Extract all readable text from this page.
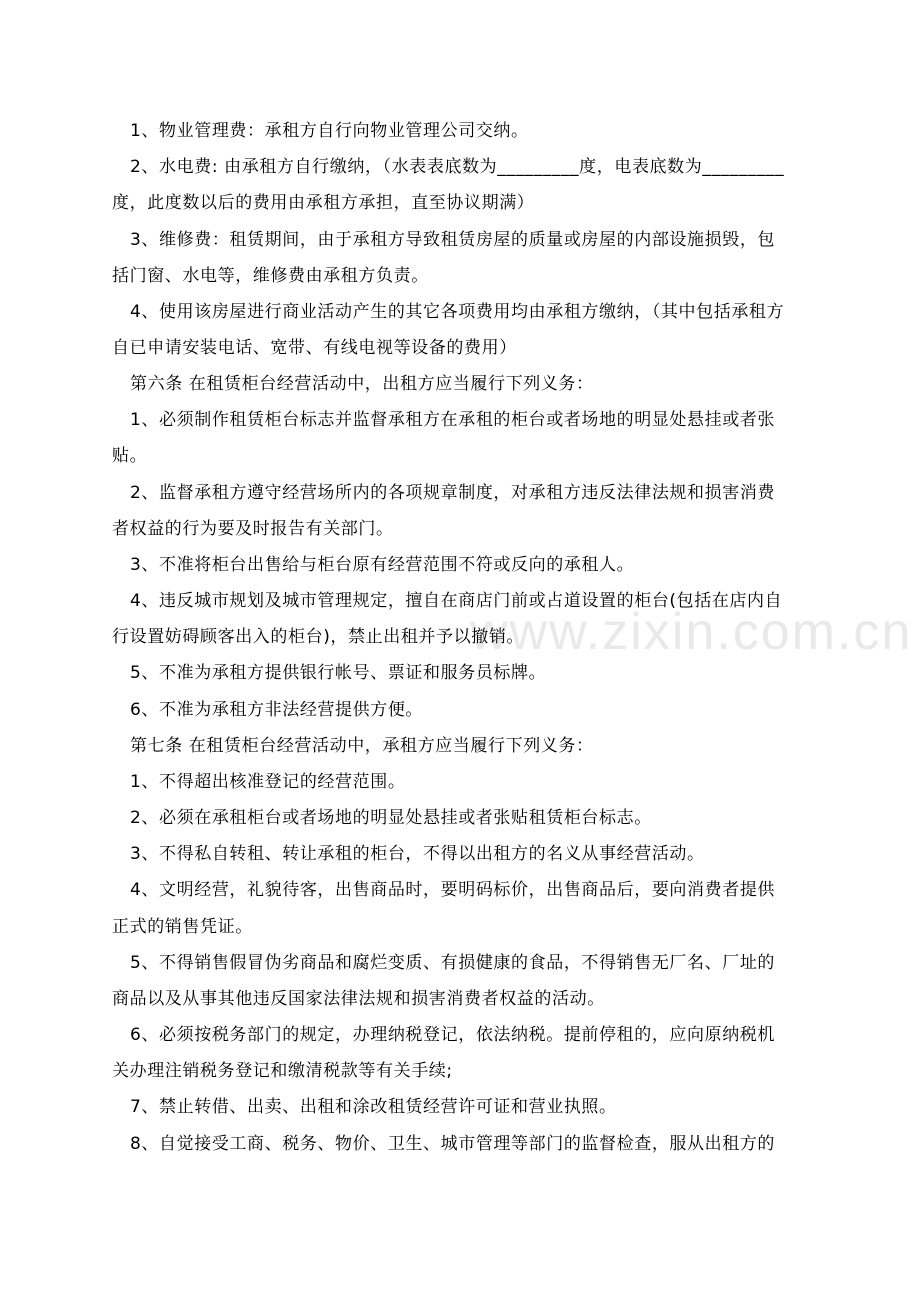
www.zixin.com.cn
1、物业管理费：承租方自行向物业管理公司交纳。
2、水电费: 由承租方自行缴纳，（水表表底数为_________度，电表底数为_________
度，此度数以后的费用由承租方承担，直至协议期满）
3、维修费：租赁期间，由于承租方导致租赁房屋的质量或房屋的内部设施损毁，包
括门窗、水电等，维修费由承租方负责。
4、使用该房屋进行商业活动产生的其它各项费用均由承租方缴纳，（其中包括承租方
自已申请安装电话、宽带、有线电视等设备的费用）
第六条 在租赁柜台经营活动中，出租方应当履行下列义务：
1、必须制作租赁柜台标志并监督承租方在承租的柜台或者场地的明显处悬挂或者张
贴。
2、监督承租方遵守经营场所内的各项规章制度，对承租方违反法律法规和损害消费
者权益的行为要及时报告有关部门。
3、不准将柜台出售给与柜台原有经营范围不符或反向的承租人。
4、违反城市规划及城市管理规定，擅自在商店门前或占道设置的柜台(包括在店内自
行设置妨碍顾客出入的柜台)，禁止出租并予以撤销。
5、不准为承租方提供银行帐号、票证和服务员标牌。
6、不准为承租方非法经营提供方便。
第七条 在租赁柜台经营活动中，承租方应当履行下列义务：
1、不得超出核准登记的经营范围。
2、必须在承租柜台或者场地的明显处悬挂或者张贴租赁柜台标志。
3、不得私自转租、转让承租的柜台，不得以出租方的名义从事经营活动。
4、文明经营，礼貌待客，出售商品时，要明码标价，出售商品后，要向消费者提供
正式的销售凭证。
5、不得销售假冒伪劣商品和腐烂变质、有损健康的食品，不得销售无厂名、厂址的
商品以及从事其他违反国家法律法规和损害消费者权益的活动。
6、必须按税务部门的规定，办理纳税登记，依法纳税。提前停租的，应向原纳税机
关办理注销税务登记和缴清税款等有关手续;
7、禁止转借、出卖、出租和涂改租赁经营许可证和营业执照。
8、自觉接受工商、税务、物价、卫生、城市管理等部门的监督检查，服从出租方的
